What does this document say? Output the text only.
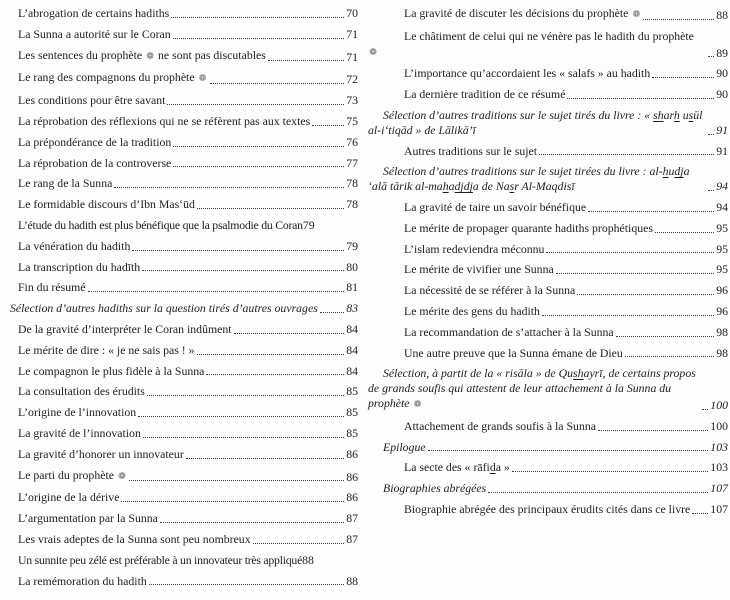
L’abrogation de certains hadiths	70
La Sunna a autorité sur le Coran	71
Les sentences du prophète ❁ ne sont pas discutables	71
Le rang des compagnons du prophète ❁	72
Les conditions pour être savant	73
La réprobation des réflexions qui ne se réfèrent pas aux textes	75
La prépondérance de la tradition	76
La réprobation de la controverse	77
Le rang de la Sunna	78
Le formidable discours d’Ibn Mas‘ūd	78
L’étude du hadith est plus bénéfique que la psalmodie du Coran 79
La vénération du hadith	79
La transcription du hadīth	80
Fin du résumé	81
Sélection d’autres hadiths sur la question tirés d’autres ouvrages 83
De la gravité d’interpréter le Coran indûment	84
Le mérite de dire : « je ne sais pas ! »	84
Le compagnon le plus fidèle à la Sunna	84
La consultation des érudits	85
L’origine de l’innovation	85
La gravité de l’innovation	85
La gravité d’honorer un innovateur	86
Le parti du prophète ❁	86
L’origine de la dérive	86
L’argumentation par la Sunna	87
Les vrais adeptes de la Sunna sont peu nombreux	87
Un sunnite peu zélé est préférable à un innovateur très appliqué 88
La remémoration du hadith	88
La gravité de discuter les décisions du prophète ❁	88
Le châtiment de celui qui ne vénère pas le hadith du prophète ❁	89
L’importance qu’accordaient les « salafs » au hadith	90
La dernière tradition de ce résumé	90
Sélection d’autres traditions sur le sujet tirés du livre : « sharh usūl al-i‘tiqād » de Lālikā’ī	91
Autres traditions sur le sujet	91
Sélection d’autres traditions sur le sujet tirées du livre : al-hudja ‘alā tārik al-mahadjdja de Nasr Al-Maqdisī	94
La gravité de taire un savoir bénéfique	94
Le mérite de propager quarante hadiths prophétiques	95
L’islam redeviendra méconnu	95
Le mérite de vivifier une Sunna	95
La nécessité de se référer à la Sunna	96
Le mérite des gens du hadith	96
La recommandation de s’attacher à la Sunna	98
Une autre preuve que la Sunna émane de Dieu	98
Sélection, à partit de la « risāla » de Qushayrī, de certains propos de grands soufis qui attestent de leur attachement à la Sunna du prophète ❁	100
Attachement de grands soufis à la Sunna	100
Epilogue	103
La secte des « rāfida »	103
Biographies abrégées	107
Biographie abrégée des principaux érudits cités dans ce livre 107
